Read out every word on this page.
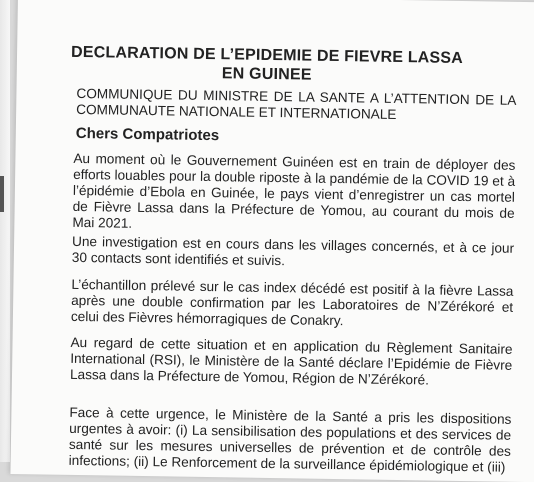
DECLARATION DE L’EPIDEMIE DE FIEVRE LASSA EN GUINEE
COMMUNIQUE DU MINISTRE DE LA SANTE A L’ATTENTION DE LA COMMUNAUTE NATIONALE ET INTERNATIONALE
Chers Compatriotes
Au moment où le Gouvernement Guinéen est en train de déployer des efforts louables pour la double riposte à la pandémie de la COVID 19 et à l’épidémie d’Ebola en Guinée, le pays vient d’enregistrer un cas mortel de Fièvre Lassa dans la Préfecture de Yomou, au courant du mois de Mai 2021.
Une investigation est en cours dans les villages concernés, et à ce jour 30 contacts sont identifiés et suivis.
L’échantillon prélevé sur le cas index décédé est positif à la fièvre Lassa après une double confirmation par les Laboratoires de N’Zérékoré et celui des Fièvres hémorragiques de Conakry.
Au regard de cette situation et en application du Règlement Sanitaire International (RSI), le Ministère de la Santé déclare l’Epidémie de Fièvre Lassa dans la Préfecture de Yomou, Région de N’Zérékoré.
Face à cette urgence, le Ministère de la Santé a pris les dispositions urgentes à avoir: (i) La sensibilisation des populations et des services de santé sur les mesures universelles de prévention et de contrôle des infections; (ii) Le Renforcement de la surveillance épidémiologique et (iii)
